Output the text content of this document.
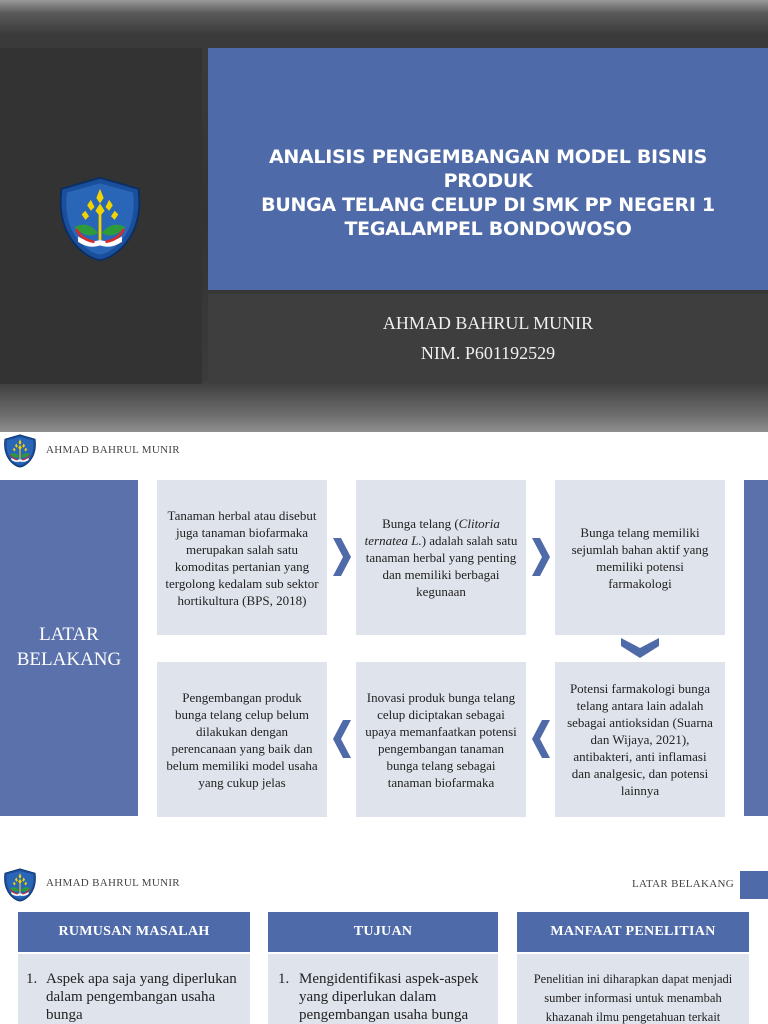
ANALISIS PENGEMBANGAN MODEL BISNIS PRODUK
BUNGA TELANG CELUP DI SMK PP NEGERI 1
TEGALAMPEL BONDOWOSO
AHMAD BAHRUL MUNIR
NIM. P601192529
AHMAD BAHRUL MUNIR
LATAR
BELAKANG
Tanaman herbal atau disebut juga tanaman biofarmaka merupakan salah satu komoditas pertanian yang tergolong kedalam sub sektor hortikultura (BPS, 2018)
Bunga telang (Clitoria ternatea L.) adalah salah satu tanaman herbal yang penting dan memiliki berbagai kegunaan
Bunga telang memiliki sejumlah bahan aktif yang memiliki potensi farmakologi
Potensi farmakologi bunga telang antara lain adalah sebagai antioksidan (Suarna dan Wijaya, 2021), antibakteri, anti inflamasi dan analgesic, dan potensi lainnya
Inovasi produk bunga telang celup diciptakan sebagai upaya memanfaatkan potensi pengembangan tanaman bunga telang sebagai tanaman biofarmaka
Pengembangan produk bunga telang celup belum dilakukan dengan perencanaan yang baik dan belum memiliki model usaha yang cukup jelas
AHMAD BAHRUL MUNIR	LATAR BELAKANG
RUMUSAN MASALAH
1. Aspek apa saja yang diperlukan dalam pengembangan usaha bunga
TUJUAN
1. Mengidentifikasi aspek-aspek yang diperlukan dalam pengembangan usaha bunga
MANFAAT PENELITIAN
Penelitian ini diharapkan dapat menjadi sumber informasi untuk menambah khazanah ilmu pengetahuan terkait
